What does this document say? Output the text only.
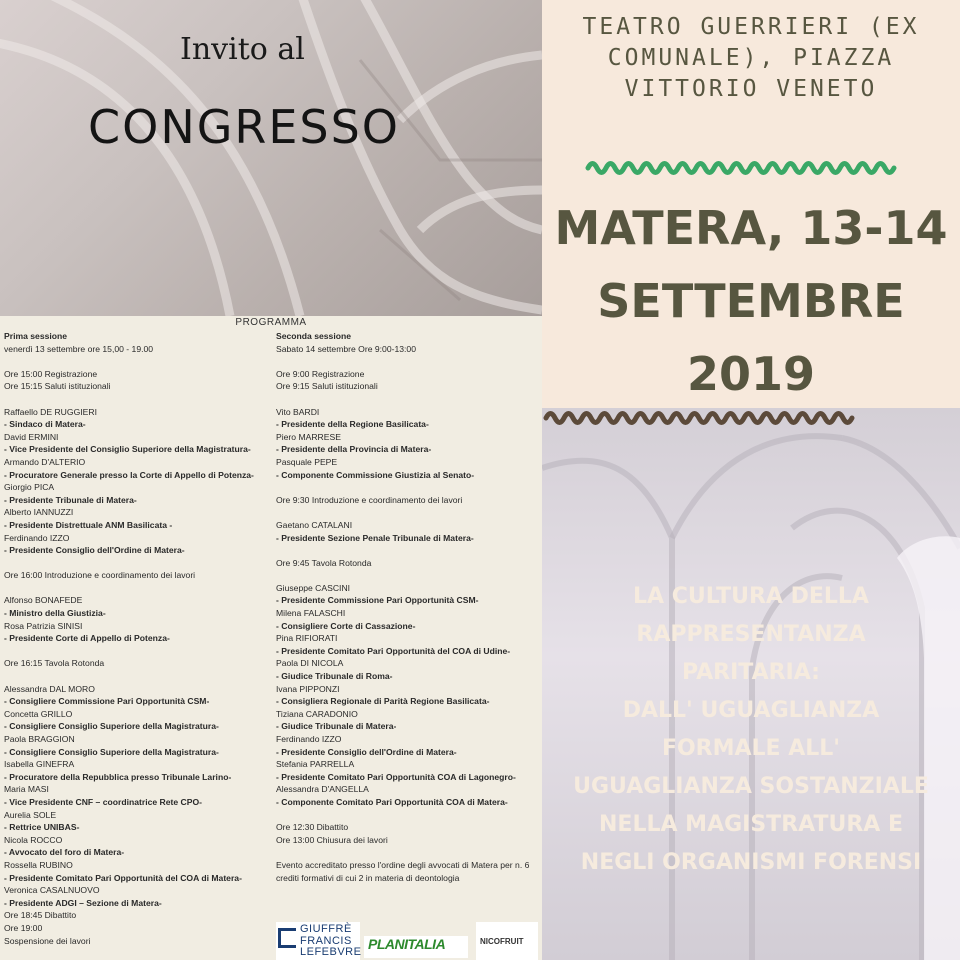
Invito al
CONGRESSO
TEATRO GUERRIERI (EX
COMUNALE), PIAZZA
VITTORIO VENETO
MATERA, 13-14
SETTEMBRE
2019
LA CULTURA DELLA
RAPPRESENTANZA
PARITARIA:
DALL' UGUAGLIANZA
FORMALE ALL'
UGUAGLIANZA SOSTANZIALE
NELLA MAGISTRATURA E
NEGLI ORGANISMI FORENSI
PROGRAMMA
Prima sessione
venerdì 13 settembre ore 15,00 - 19.00
Ore 15:00 Registrazione
Ore 15:15 Saluti istituzionali
Raffaello DE RUGGIERI
- Sindaco di Matera-
David ERMINI
- Vice Presidente del Consiglio Superiore della Magistratura-
Armando D'ALTERIO
- Procuratore Generale presso la Corte di Appello di Potenza-
Giorgio PICA
- Presidente Tribunale di Matera-
Alberto IANNUZZI
- Presidente Distrettuale ANM Basilicata -
Ferdinando IZZO
- Presidente Consiglio dell'Ordine di Matera-
Ore 16:00 Introduzione e coordinamento dei lavori
Alfonso BONAFEDE
- Ministro della Giustizia-
Rosa Patrizia SINISI
- Presidente Corte di Appello di Potenza-
Ore 16:15 Tavola Rotonda
Alessandra DAL MORO
- Consigliere Commissione Pari Opportunità CSM-
Concetta GRILLO
- Consigliere Consiglio Superiore della Magistratura-
Paola BRAGGION
- Consigliere Consiglio Superiore della Magistratura-
Isabella GINEFRA
- Procuratore della Repubblica presso Tribunale Larino-
Maria MASI
- Vice Presidente CNF – coordinatrice Rete CPO-
Aurelia SOLE
- Rettrice UNIBAS-
Nicola ROCCO
- Avvocato del foro di Matera-
Rossella RUBINO
- Presidente Comitato Pari Opportunità del COA di Matera-
Veronica CASALNUOVO
- Presidente ADGI – Sezione di Matera-
Ore 18:45 Dibattito
Ore 19:00
Sospensione dei lavori
Seconda sessione
Sabato 14 settembre Ore 9:00-13:00
Ore 9:00 Registrazione
Ore 9:15 Saluti istituzionali
Vito BARDI
- Presidente della Regione Basilicata-
Piero MARRESE
- Presidente della Provincia di Matera-
Pasquale PEPE
- Componente Commissione Giustizia al Senato-
Ore 9:30 Introduzione e coordinamento dei lavori
Gaetano CATALANI
- Presidente Sezione Penale Tribunale di Matera-
Ore 9:45 Tavola Rotonda
Giuseppe CASCINI
- Presidente Commissione Pari Opportunità CSM-
Milena FALASCHI
- Consigliere Corte di Cassazione-
Pina RIFIORATI
- Presidente Comitato Pari Opportunità del COA di Udine-
Paola DI NICOLA
- Giudice Tribunale di Roma-
Ivana PIPPONZI
- Consigliera Regionale di Parità Regione Basilicata-
Tiziana CARADONIO
- Giudice Tribunale di Matera-
Ferdinando IZZO
- Presidente Consiglio dell'Ordine di Matera-
Stefania PARRELLA
- Presidente Comitato Pari Opportunità COA di Lagonegro-
Alessandra D'ANGELLA
- Componente Comitato Pari Opportunità COA di Matera-
Ore 12:30 Dibattito
Ore 13:00 Chiusura dei lavori
Evento accreditato presso l'ordine degli avvocati di Matera per n. 6
crediti formativi di cui 2 in materia di deontologia
GIUFFRÈ
FRANCIS
LEFEBVRE PLANITALIA	NICOFRUIT
